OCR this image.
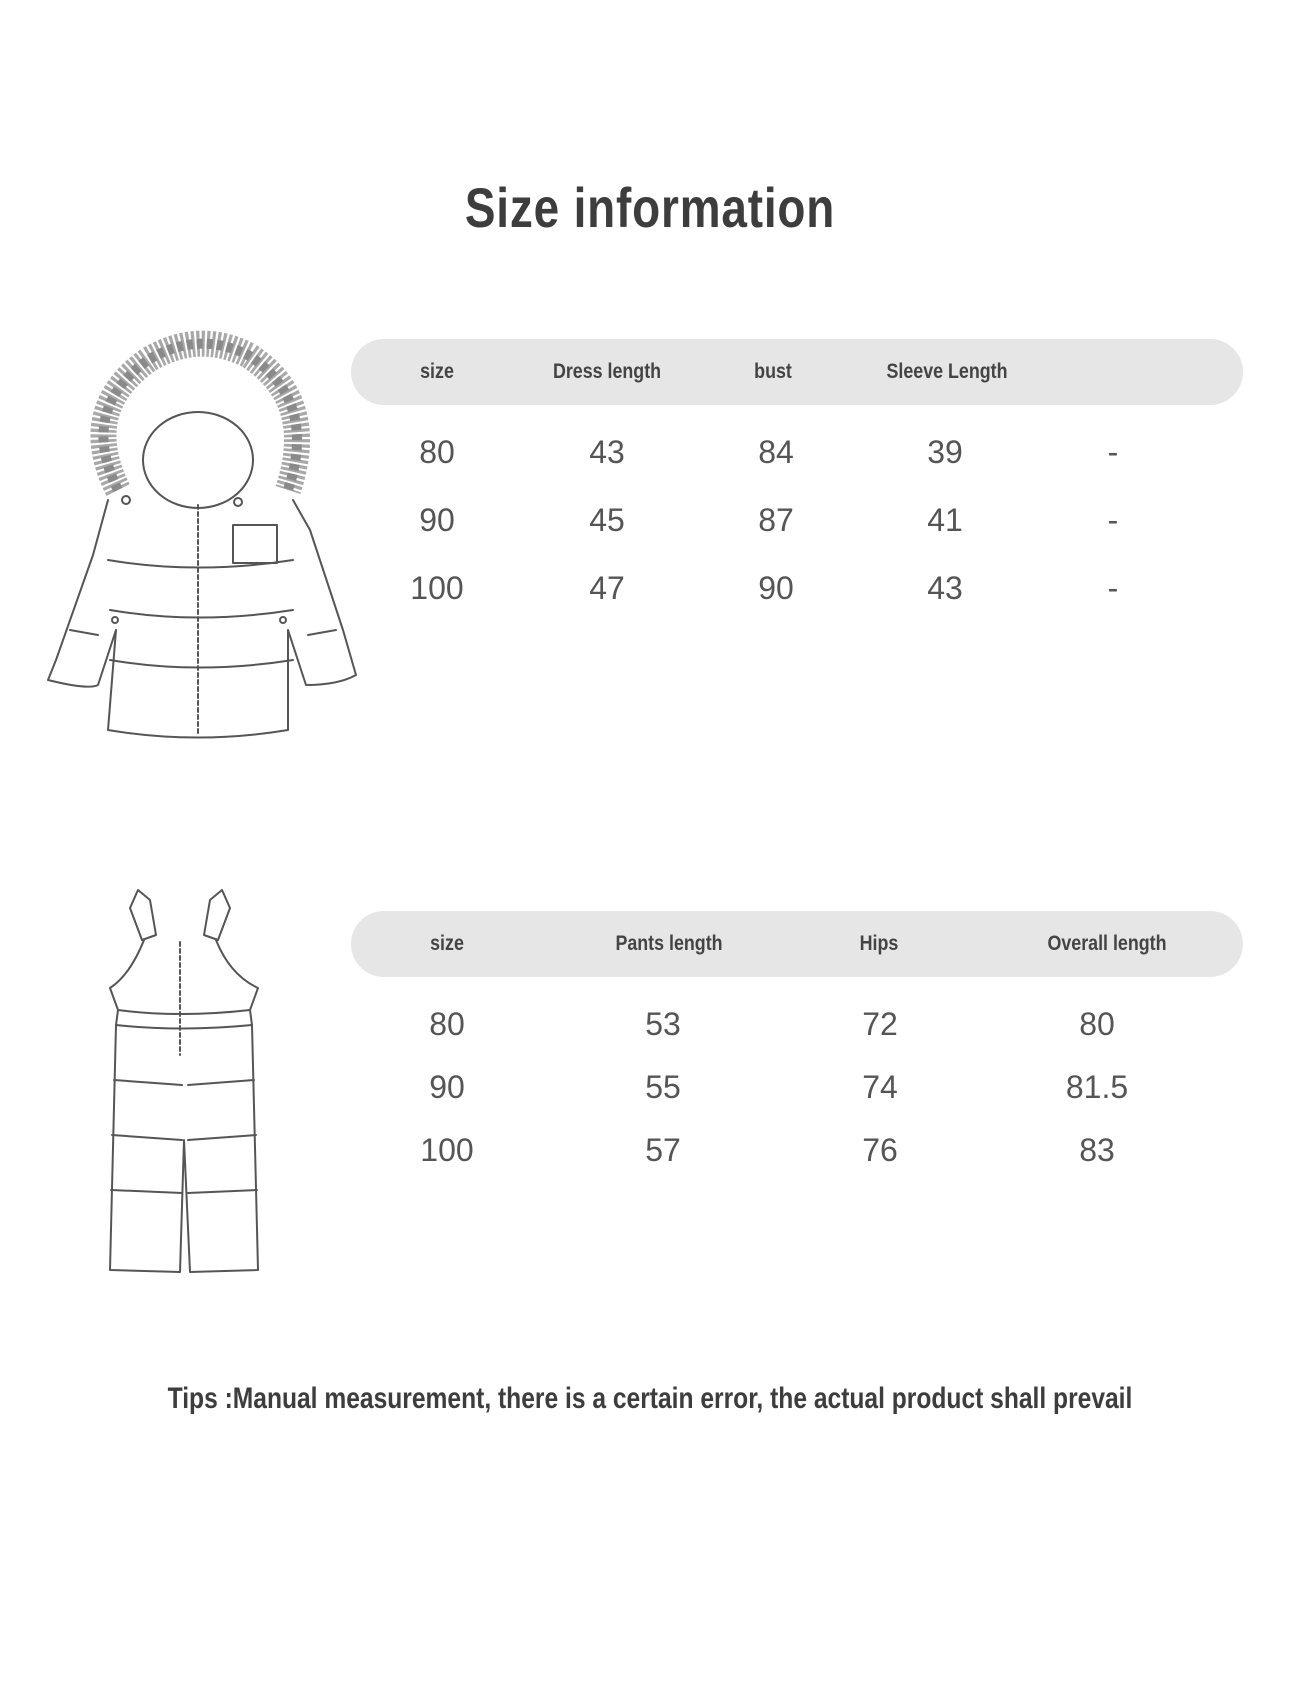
Size information
size	Dress length	bust	Sleeve Length
80	43	84	39	-
90	45	87	41	-
100	47	90	43	-
size	Pants length	Hips	Overall length
80	53	72	80
90	55	74	81.5
100	57	76	83
Tips :Manual measurement, there is a certain error, the actual product shall prevail
